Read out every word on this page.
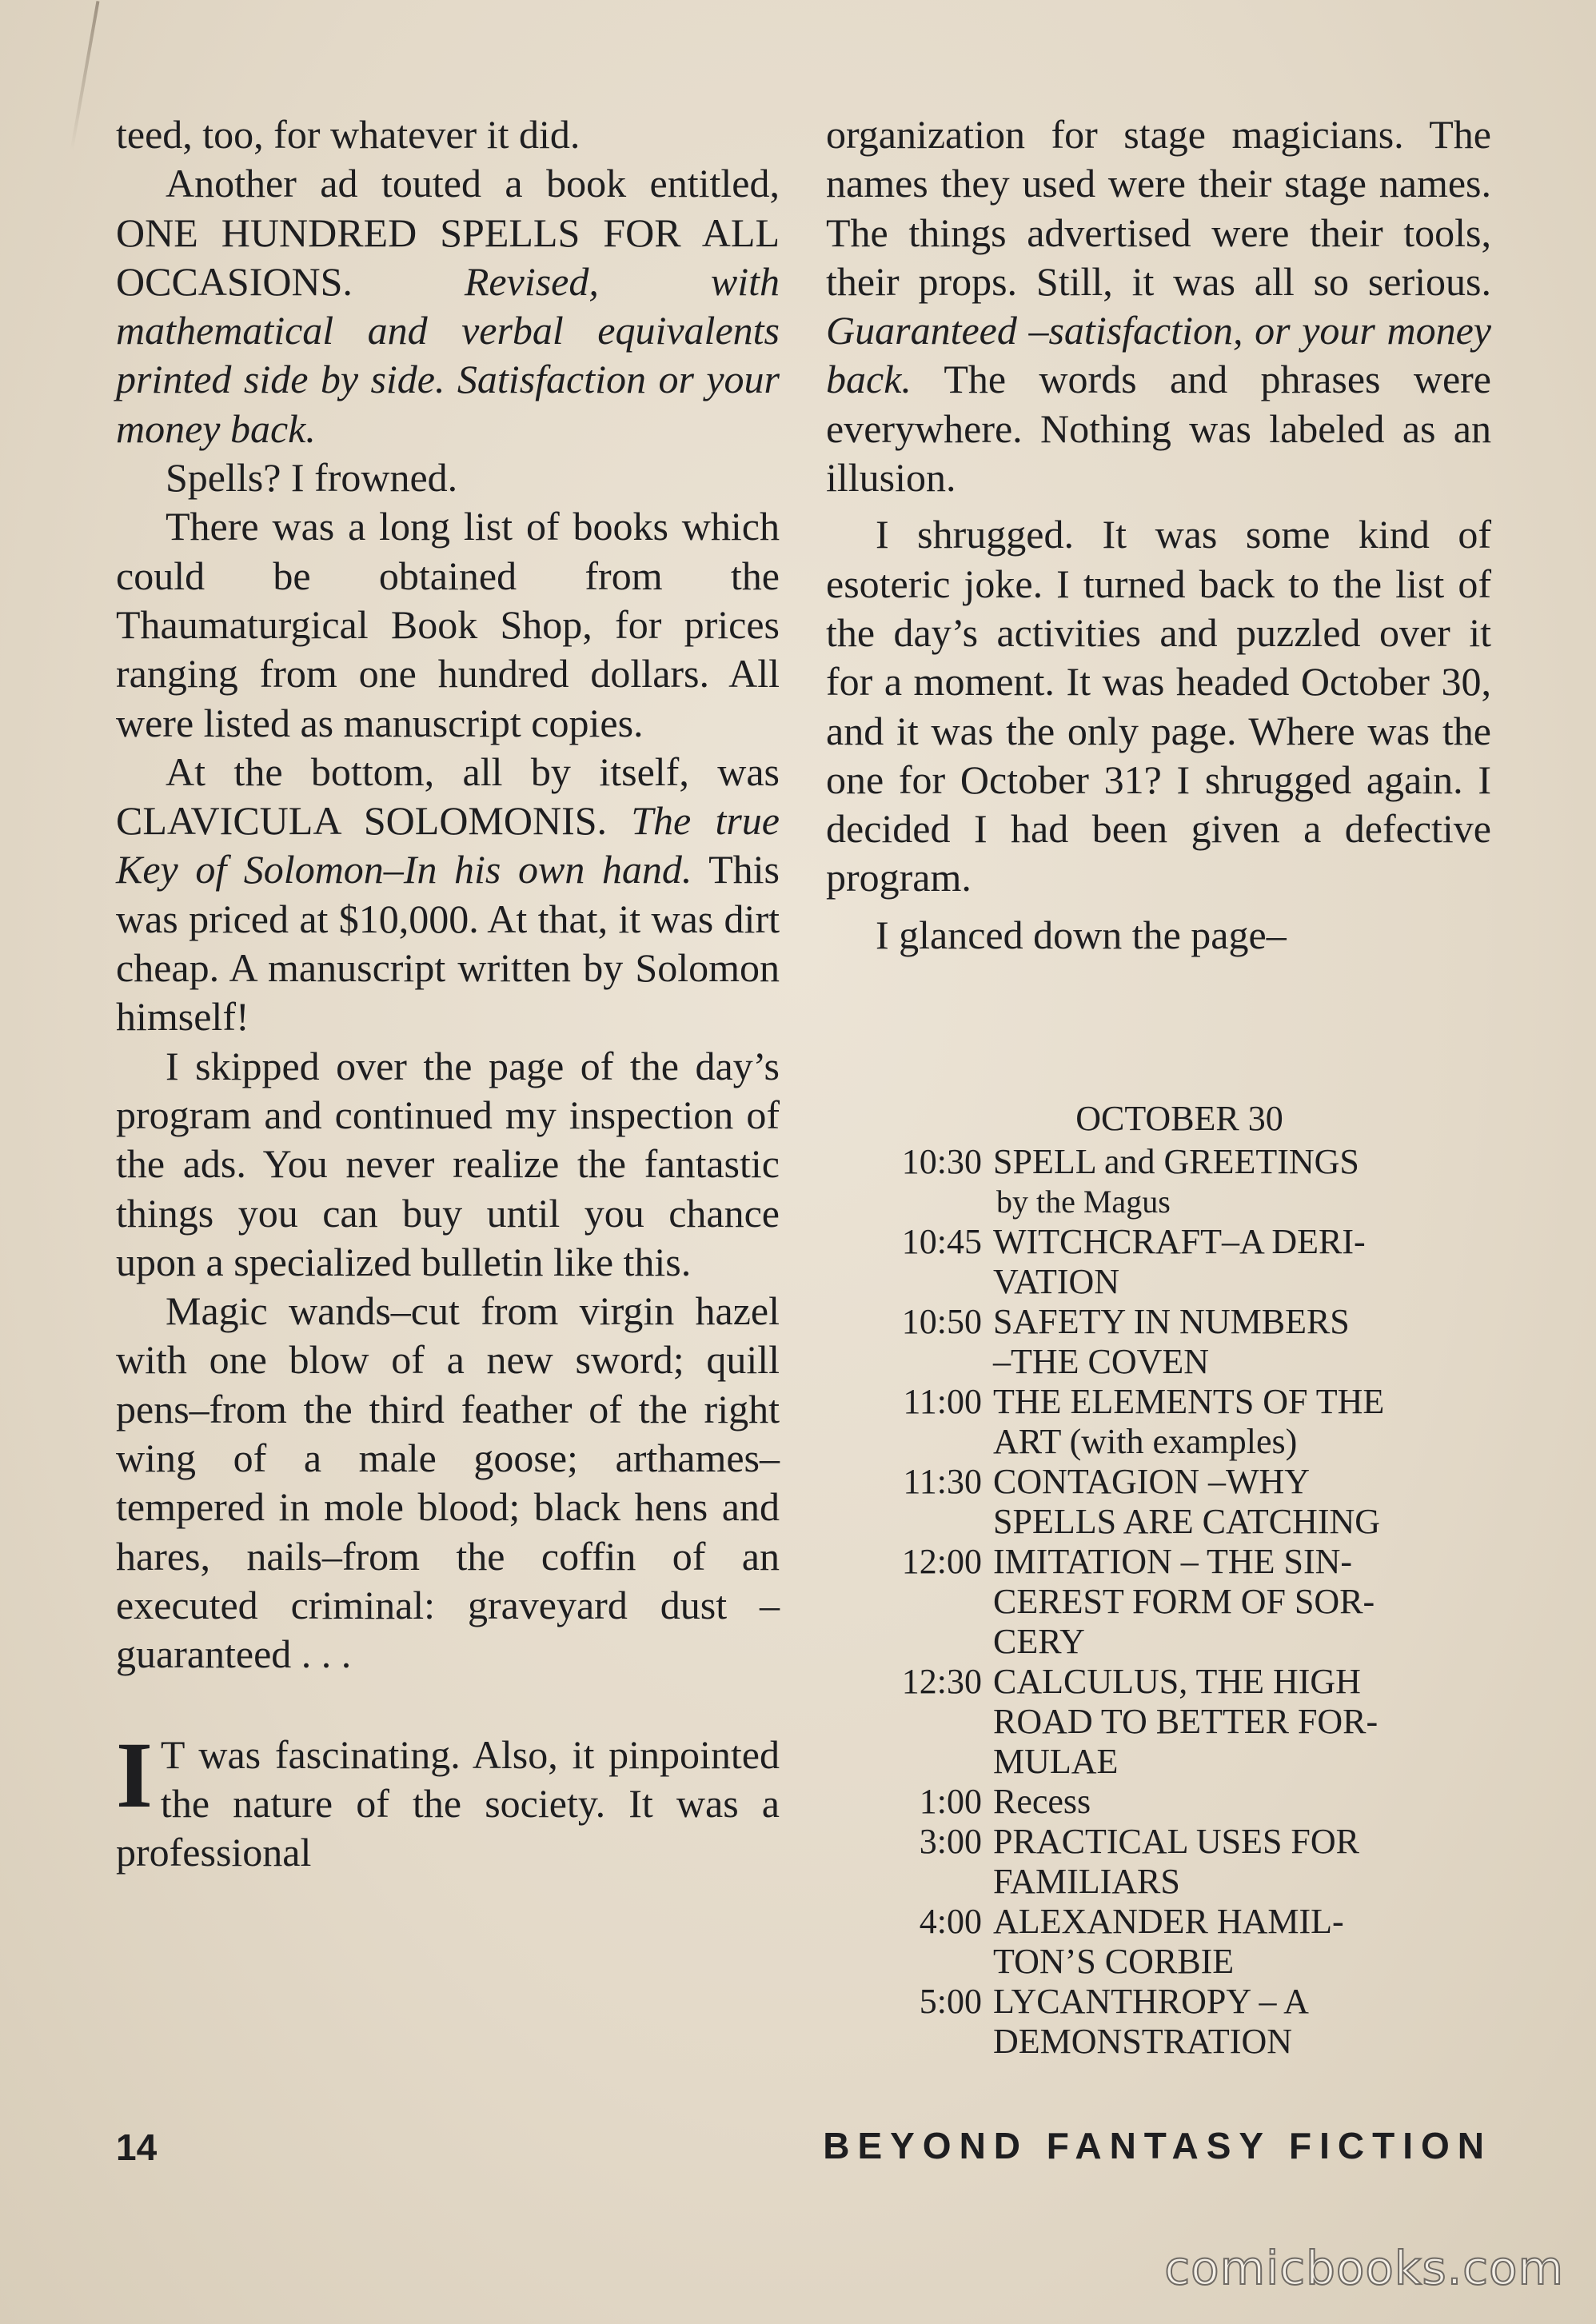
teed, too, for whatever it did.

Another ad touted a book entitled, ONE HUNDRED SPELLS FOR ALL OCCASIONS. Revised, with mathematical and verbal equivalents printed side by side. Satisfaction or your money back.

Spells? I frowned.

There was a long list of books which could be obtained from the Thaumaturgical Book Shop, for prices ranging from one hundred dollars. All were listed as manuscript copies.

At the bottom, all by itself, was CLAVICULA SOLOMONIS. The true Key of Solomon–In his own hand. This was priced at $10,000. At that, it was dirt cheap. A manuscript written by Solomon himself!

I skipped over the page of the day’s program and continued my inspection of the ads. You never realize the fantastic things you can buy until you chance upon a specialized bulletin like this.

Magic wands–cut from virgin hazel with one blow of a new sword; quill pens–from the third feather of the right wing of a male goose; arthames–tempered in mole blood; black hens and hares, nails–from the coffin of an executed criminal: graveyard dust –guaranteed . . .

I T was fascinating. Also, it pinpointed the nature of the society. It was a professional

organization for stage magicians. The names they used were their stage names. The things advertised were their tools, their props. Still, it was all so serious. Guaranteed –satisfaction, or your money back. The words and phrases were everywhere. Nothing was labeled as an illusion.

I shrugged. It was some kind of esoteric joke. I turned back to the list of the day’s activities and puzzled over it for a moment. It was headed October 30, and it was the only page. Where was the one for October 31? I shrugged again. I decided I had been given a defective program.

I glanced down the page–

OCTOBER 30
10:30 SPELL and GREETINGS
by the Magus
10:45 WITCHCRAFT–A DERI-
VATION
10:50 SAFETY IN NUMBERS
–THE COVEN
11:00 THE ELEMENTS OF THE
ART (with examples)
11:30 CONTAGION –WHY
SPELLS ARE CATCHING
12:00 IMITATION – THE SIN-
CEREST FORM OF SOR-
CERY
12:30 CALCULUS, THE HIGH
ROAD TO BETTER FOR-
MULAE
1:00 Recess
3:00 PRACTICAL USES FOR
FAMILIARS
4:00 ALEXANDER HAMIL-
TON’S CORBIE
5:00 LYCANTHROPY – A
DEMONSTRATION
14	BEYOND FANTASY FICTION
comicbooks.com
